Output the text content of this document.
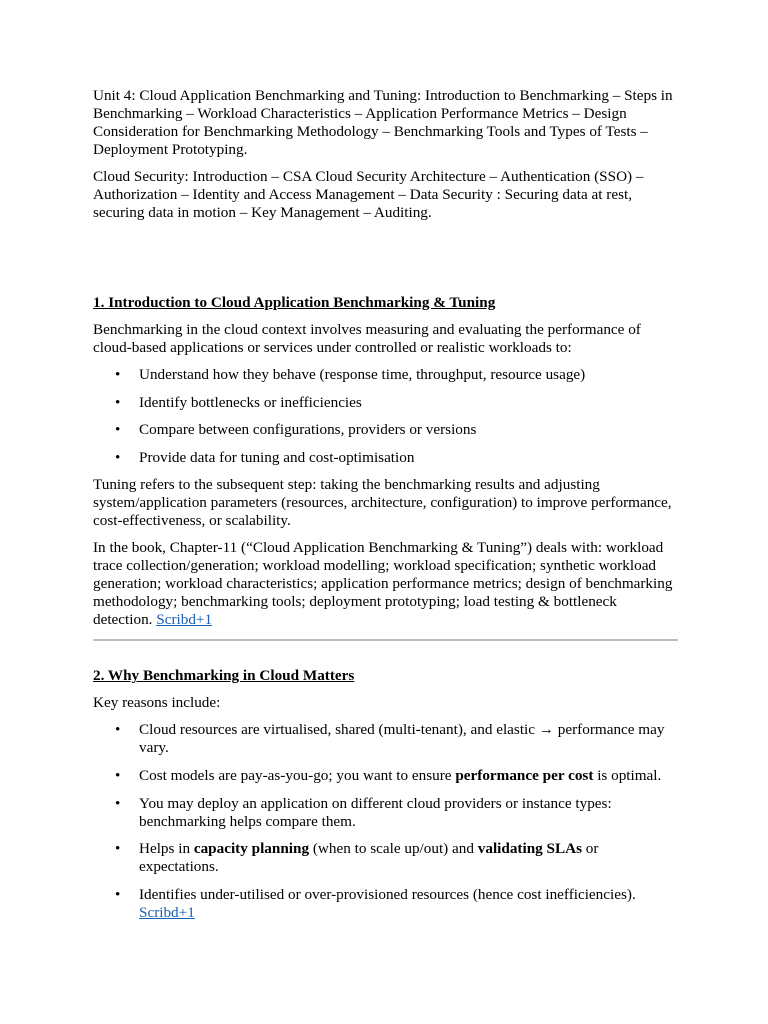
Unit 4: Cloud Application Benchmarking and Tuning: Introduction to Benchmarking – Steps in Benchmarking – Workload Characteristics – Application Performance Metrics – Design Consideration for Benchmarking Methodology – Benchmarking Tools and Types of Tests – Deployment Prototyping.

Cloud Security: Introduction – CSA Cloud Security Architecture – Authentication (SSO) – Authorization – Identity and Access Management – Data Security : Securing data at rest, securing data in motion – Key Management – Auditing.

1. Introduction to Cloud Application Benchmarking & Tuning

Benchmarking in the cloud context involves measuring and evaluating the performance of cloud-based applications or services under controlled or realistic workloads to:

• Understand how they behave (response time, throughput, resource usage)
• Identify bottlenecks or inefficiencies
• Compare between configurations, providers or versions
• Provide data for tuning and cost-optimisation

Tuning refers to the subsequent step: taking the benchmarking results and adjusting system/application parameters (resources, architecture, configuration) to improve performance, cost-effectiveness, or scalability.

In the book, Chapter-11 (“Cloud Application Benchmarking & Tuning”) deals with: workload trace collection/generation; workload modelling; workload specification; synthetic workload generation; workload characteristics; application performance metrics; design of benchmarking methodology; benchmarking tools; deployment prototyping; load testing & bottleneck detection. Scribd+1

2. Why Benchmarking in Cloud Matters

Key reasons include:

• Cloud resources are virtualised, shared (multi-tenant), and elastic → performance may vary.
• Cost models are pay-as-you-go; you want to ensure performance per cost is optimal.
• You may deploy an application on different cloud providers or instance types: benchmarking helps compare them.
• Helps in capacity planning (when to scale up/out) and validating SLAs or expectations.
• Identifies under-utilised or over-provisioned resources (hence cost inefficiencies).
Scribd+1
